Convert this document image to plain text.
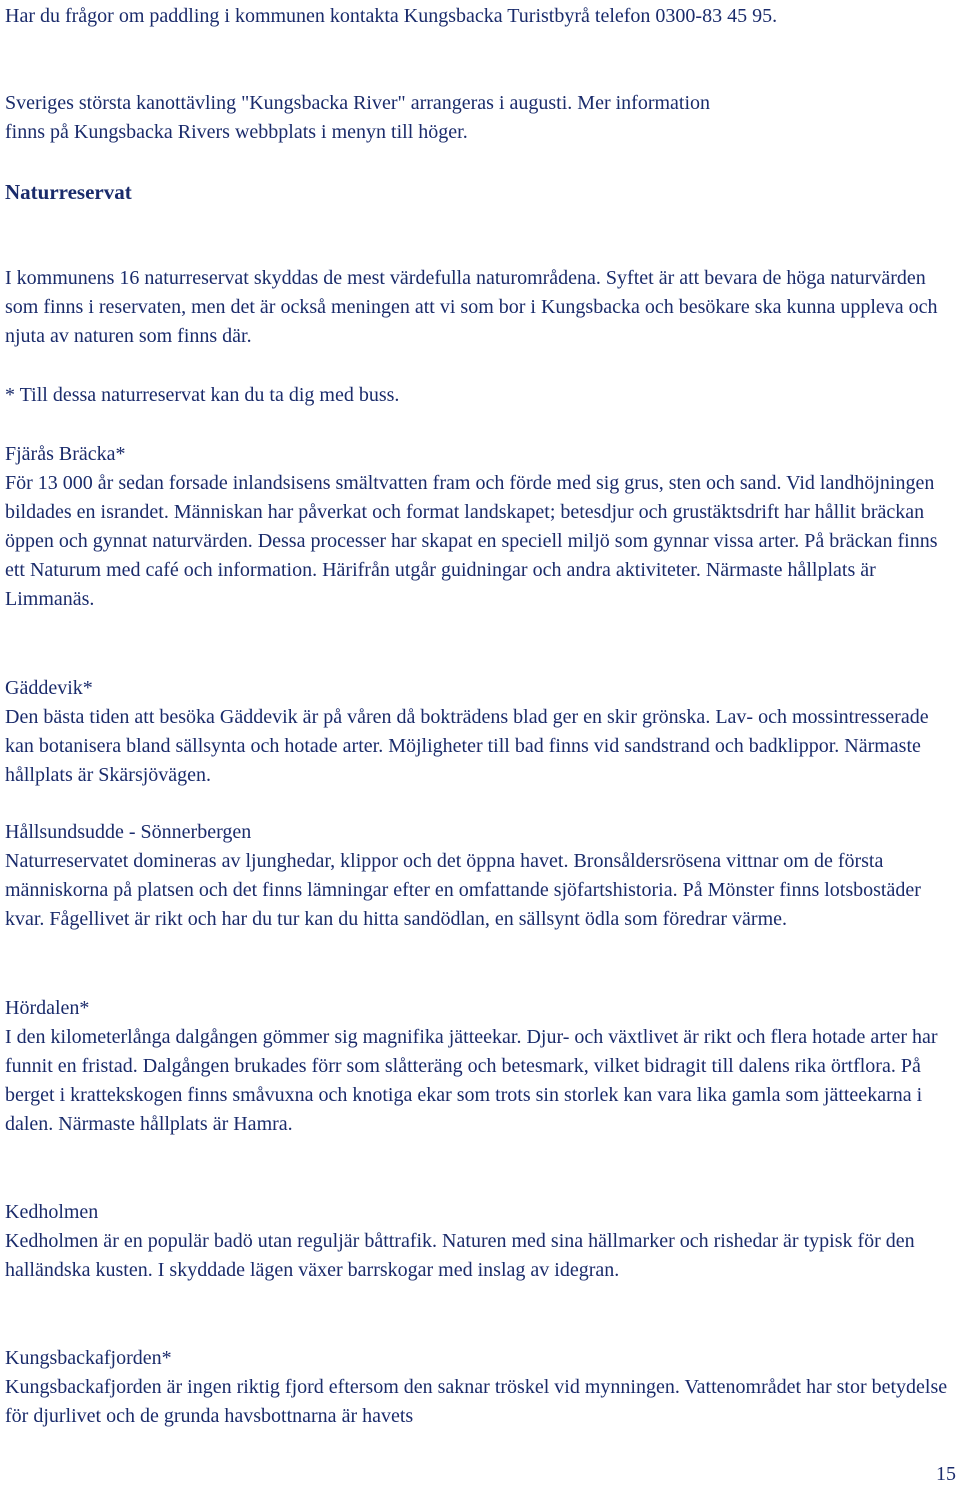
Har du frågor om paddling i kommunen kontakta Kungsbacka Turistbyrå telefon 0300-83 45 95.

Sveriges största kanottävling "Kungsbacka River" arrangeras i augusti. Mer information finns på Kungsbacka Rivers webbplats i menyn till höger.

Naturreservat

I kommunens 16 naturreservat skyddas de mest värdefulla naturområdena. Syftet är att bevara de höga naturvärden som finns i reservaten, men det är också meningen att vi som bor i Kungsbacka och besökare ska kunna uppleva och njuta av naturen som finns där.

* Till dessa naturreservat kan du ta dig med buss.

Fjärås Bräcka*
För 13 000 år sedan forsade inlandsisens smältvatten fram och förde med sig grus, sten och sand. Vid landhöjningen bildades en israndet. Människan har påverkat och format landskapet; betesdjur och grustäktsdrift har hållit bräckan öppen och gynnat naturvärden. Dessa processer har skapat en speciell miljö som gynnar vissa arter. På bräckan finns ett Naturum med café och information. Härifrån utgår guidningar och andra aktiviteter. Närmaste hållplats är Limmanäs.
Gäddevik*
Den bästa tiden att besöka Gäddevik är på våren då bokträdens blad ger en skir grönska. Lav- och mossintresserade kan botanisera bland sällsynta och hotade arter. Möjligheter till bad finns vid sandstrand och badklippor. Närmaste hållplats är Skärsjövägen.
Hållsundsudde - Sönnerbergen
Naturreservatet domineras av ljunghedar, klippor och det öppna havet. Bronsåldersrösena vittnar om de första människorna på platsen och det finns lämningar efter en omfattande sjöfartshistoria. På Mönster finns lotsbostäder kvar. Fågellivet är rikt och har du tur kan du hitta sandödlan, en sällsynt ödla som föredrar värme.
Hördalen*
I den kilometerlånga dalgången gömmer sig magnifika jätteekar. Djur- och växtlivet är rikt och flera hotade arter har funnit en fristad. Dalgången brukades förr som slåtteräng och betesmark, vilket bidragit till dalens rika örtflora. På berget i krattekskogen finns småvuxna och knotiga ekar som trots sin storlek kan vara lika gamla som jätteekarna i dalen. Närmaste hållplats är Hamra.
Kedholmen
Kedholmen är en populär badö utan reguljär båttrafik. Naturen med sina hällmarker och rishedar är typisk för den halländska kusten. I skyddade lägen växer barrskogar med inslag av idegran.
Kungsbackafjorden*
Kungsbackafjorden är ingen riktig fjord eftersom den saknar tröskel vid mynningen. Vattenområdet har stor betydelse för djurlivet och de grunda havsbottnarna är havets
15
